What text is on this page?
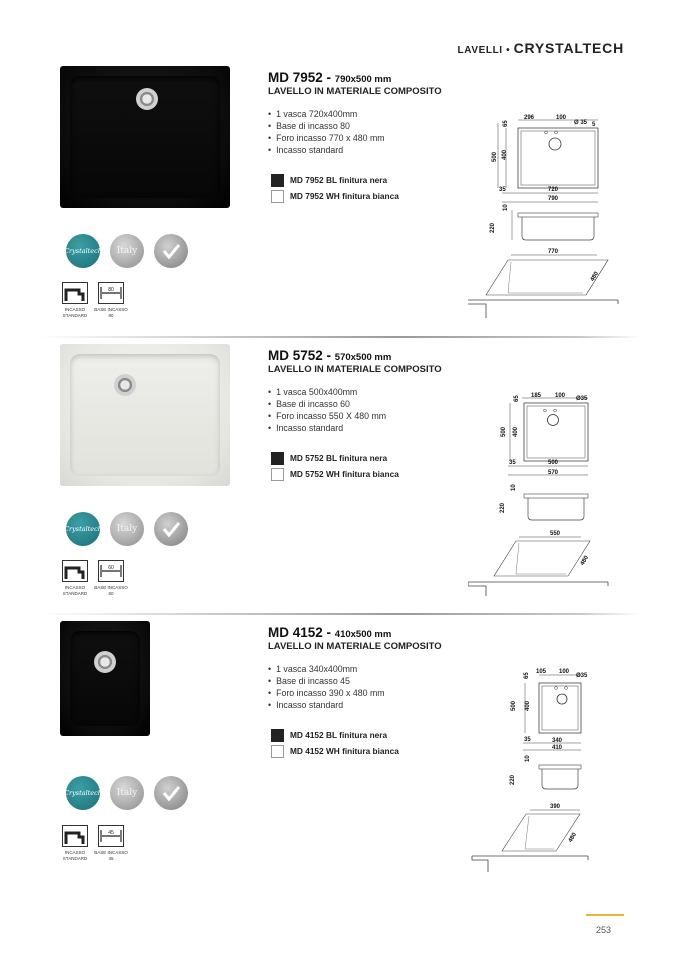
LAVELLI • CRYSTALTECH
Crystaltech Italy
80
INCASSO STANDARD
BASE INCASSO 80
MD 7952 - 790x500 mm
LAVELLO IN MATERIALE COMPOSITO
• 1 vasca 720x400mm
• Base di incasso 80
• Foro incasso 770 x 480 mm
• Incasso standard
MD 7952 BL finitura nera
MD 7952 WH finitura bianca
296	100
Ø 35 5
65
500 400
35	720
790
10
220
770
480
Crystaltech Italy
60
INCASSO STANDARD
BASE INCASSO 60
MD 5752 - 570x500 mm
LAVELLO IN MATERIALE COMPOSITO
• 1 vasca 500x400mm
• Base di incasso 60
• Foro incasso 550 X 480 mm
• Incasso standard
MD 5752 BL finitura nera
MD 5752 WH finitura bianca
185 100 Ø35
65
500 400
35	500
570
10
220
550
480
Crystaltech Italy
45
INCASSO STANDARD
BASE INCASSO 45
MD 4152 - 410x500 mm
LAVELLO IN MATERIALE COMPOSITO
• 1 vasca 340x400mm
• Base di incasso 45
• Foro incasso 390 x 480 mm
• Incasso standard
MD 4152 BL finitura nera
MD 4152 WH finitura bianca
105 100
Ø35
65
500 400
35	340
410
10
220
390
480
253
